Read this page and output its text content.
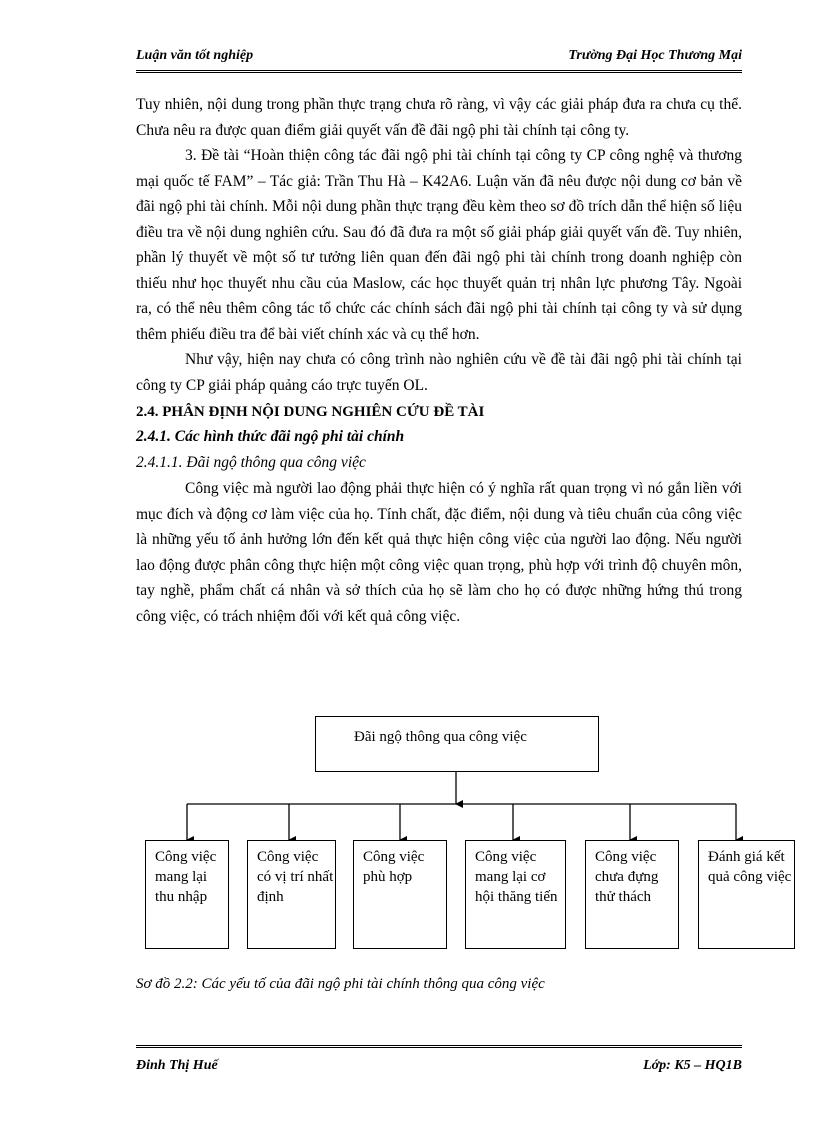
Luận văn tốt nghiệp	Trường Đại Học Thương Mại

Tuy nhiên, nội dung trong phần thực trạng chưa rõ ràng, vì vậy các giải pháp đưa ra chưa cụ thể. Chưa nêu ra được quan điểm giải quyết vấn đề đãi ngộ phi tài chính tại công ty.

3. Đề tài “Hoàn thiện công tác đãi ngộ phi tài chính tại công ty CP công nghệ và thương mại quốc tế FAM” – Tác giả: Trần Thu Hà – K42A6. Luận văn đã nêu được nội dung cơ bản về đãi ngộ phi tài chính. Mỗi nội dung phần thực trạng đều kèm theo sơ đồ trích dẫn thể hiện số liệu điều tra về nội dung nghiên cứu. Sau đó đã đưa ra một số giải pháp giải quyết vấn đề. Tuy nhiên, phần lý thuyết về một số tư tưởng liên quan đến đãi ngộ phi tài chính trong doanh nghiệp còn thiếu như học thuyết nhu cầu của Maslow, các học thuyết quản trị nhân lực phương Tây. Ngoài ra, có thể nêu thêm công tác tổ chức các chính sách đãi ngộ phi tài chính tại công ty và sử dụng thêm phiếu điều tra để bài viết chính xác và cụ thể hơn.

Như vậy, hiện nay chưa có công trình nào nghiên cứu về đề tài đãi ngộ phi tài chính tại công ty CP giải pháp quảng cáo trực tuyến OL.

2.4. PHÂN ĐỊNH NỘI DUNG NGHIÊN CỨU ĐỀ TÀI

2.4.1. Các hình thức đãi ngộ phi tài chính

2.4.1.1. Đãi ngộ thông qua công việc

Công việc mà người lao động phải thực hiện có ý nghĩa rất quan trọng vì nó gắn liền với mục đích và động cơ làm việc của họ. Tính chất, đặc điểm, nội dung và tiêu chuẩn của công việc là những yếu tố ảnh hưởng lớn đến kết quả thực hiện công việc của người lao động. Nếu người lao động được phân công thực hiện một công việc quan trọng, phù hợp với trình độ chuyên môn, tay nghề, phẩm chất cá nhân và sở thích của họ sẽ làm cho họ có được những hứng thú trong công việc, có trách nhiệm đối với kết quả công việc.

Đãi ngộ thông qua công việc
Công việc mang lại thu nhập
Công việc có vị trí nhất định
Công việc phù hợp
Công việc mang lại cơ hội thăng tiến
Công việc chưa đựng thử thách
Đánh giá kết quả công việc
Sơ đồ 2.2: Các yếu tố của đãi ngộ phi tài chính thông qua công việc
Đinh Thị Huế	Lớp: K5 – HQ1B
